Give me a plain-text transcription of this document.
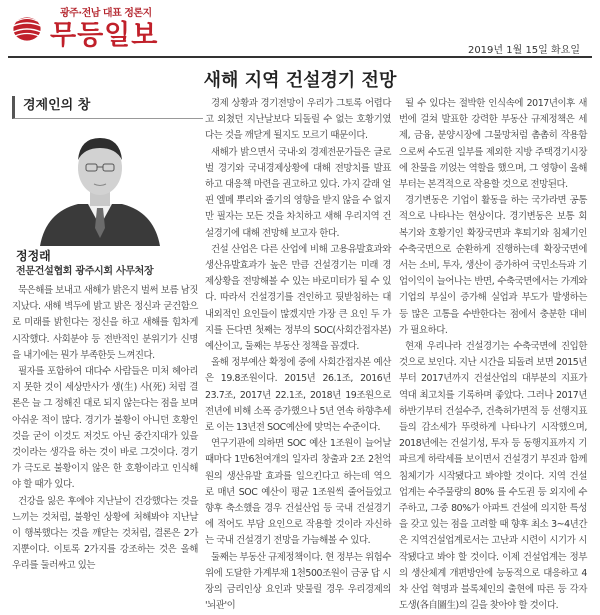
광주·전남 대표 정론지
무등일보	2019년 1월 15일 화요일
새해 지역 건설경기 전망
경제인의 창
정정래
전문건설협회 광주시회 사무처장

묵은해를 보내고 새해가 밝은지 벌써 보름 남짓 지났다. 새해 벽두에 밝고 밝은 정신과 굳건함으로 미래를 밝힌다는 정신을 하고 새해를 힘차게 시작했다. 사회분야 등 전반적인 분위기가 신명을 내기에는 뭔가 부족한듯 느껴진다.

필자를 포함하여 대다수 사람들은 미처 헤아리지 못한 것이 세상만사가 생(生) 사(死) 처럼 결론은 늘 그 정해진 대로 되지 않는다는 점을 보며 아쉬운 적이 많다. 경기가 불황이 아니던 호황인 것을 굳이 이것도 저것도 아닌 중간지대가 있을 것이라는 생각을 하는 것이 바로 그것이다. 경기가 극도로 불황이지 않은 한 호황이라고 인식해야 할 때가 있다.

건강을 잃은 후에야 지난날이 건강했다는 것을 느끼는 것처럼, 불황인 상황에 처해봐야 지난날이 행복했다는 것을 깨닫는 것처럼, 결론은 2가지뿐이다. 이토록 2가지를 강조하는 것은 올해 우리를 둘러싸고 있는

경제 상황과 경기전망이 우리가 그토록 어렵다고 외쳤던 지난날보다 되돌릴 수 없는 호황기였다는 것을 깨닫게 될지도 모르기 때문이다.

새해가 밝으면서 국내·외 경제전문가들은 글로벌 경기와 국내경제상황에 대해 전망치를 발표하고 대응책 마련을 권고하고 있다. 가지 갈래 얼핀 엘메 뿌리와 줄기의 영향을 받지 않을 수 없지만 필자는 모든 것을 차치하고 새해 우리지역 건설경기에 대해 전망해 보고자 한다.

건설 산업은 다른 산업에 비해 고용유발효과와 생산유발효과가 높은 만큼 건설경기는 미래 경제상황을 전망해볼 수 있는 바로미터가 될 수 있다. 따라서 건설경기를 견인하고 뒷받침하는 대내외적인 요인들이 많겠지만 가장 큰 요인 두 가지를 든다면 첫째는 정부의 SOC(사회간접자본)예산이고, 둘째는 부동산 정책을 꼽겠다.

올해 정부예산 확정에 중에 사회간접자본 예산은 19.8조원이다. 2015년 26.1조, 2016년 23.7조, 2017년 22.1조, 2018년 19조원으로 전년에 비해 소폭 증가했으나 5년 연속 하향추세로 이는 13년전 SOC예산에 맞먹는 수준이다.

연구기관에 의하면 SOC 예산 1조원이 늘어날 때마다 1만6천여개의 일자리 창출과 2조 2천억원의 생산유발 효과를 일으킨다고 하는데 역으로 매년 SOC 예산이 평균 1조원씩 줄어들었고 향후 축소했을 경우 건설산업 등 국내 건설경기에 적어도 부담 요인으로 작용할 것이라 자신하는 국내 건설경기 전망을 가늠해볼 수 있다.

둘째는 부동산 규제정책이다. 현 정부는 위험수위에 도달한 가계부채 1천500조원이 금공 답 시장의 금리인상 요인과 맞물릴 경우 우리경제의 '뇌관'이

될 수 있다는 절박한 인식속에 2017년이후 새 번에 걸쳐 발표한 강력한 부동산 규제정책은 세제, 금융, 분양시장에 그물망처럼 촘촘히 작용함으로써 수도권 일부를 제외한 지방 주택경기시장에 찬물을 끼얹는 역할을 했으며, 그 영향이 올해부터는 본격적으로 작용할 것으로 전망된다.

경기변동은 기업이 활동을 하는 국가라면 공통적으로 나타나는 현상이다. 경기변동은 보통 회복기와 호황기인 확장국면과 후퇴기와 침체기인 수축국면으로 순환하게 진행하는데 확장국면에서는 소비, 투자, 생산이 증가하여 국민소득과 기업이익이 늘어나는 반면, 수축국면에서는 가계와 기업의 부실이 증가해 실업과 부도가 발생하는 등 많은 고통을 수반한다는 점에서 충분한 대비가 필요하다.

현재 우리나라 건설경기는 수축국면에 진입한 것으로 보인다. 지난 시간을 되돌려 보면 2015년부터 2017년까지 건설산업의 대부분의 지표가 역대 최고치를 기록하며 좋았다. 그러나 2017년 하반기부터 건설수주, 건축허가면적 등 선행지표들의 감소세가 뚜렷하게 나타나기 시작했으며, 2018년에는 건설기성, 투자 등 동행지표까지 기파르게 하락세를 보이면서 건설경기 부진과 함께 침체기가 시작됐다고 봐야할 것이다. 지역 건설업계는 수주물량의 80% 를 수도권 등 외지에 수주하고, 그중 80%가 아파트 건설에 의지한 특성을 갖고 있는 점을 고려할 때 향후 최소 3~4년간은 지역건설업계로서는 고난과 시련이 시기가 시작됐다고 봐야 할 것이다. 이제 건설업계는 정부의 생산체계 개편방안에 능동적으로 대응하고 4차 산업 혁명과 블록체인의 출현에 따른 등 각자도생(各自圖生)의 길을 찾아야 할 것이다.
